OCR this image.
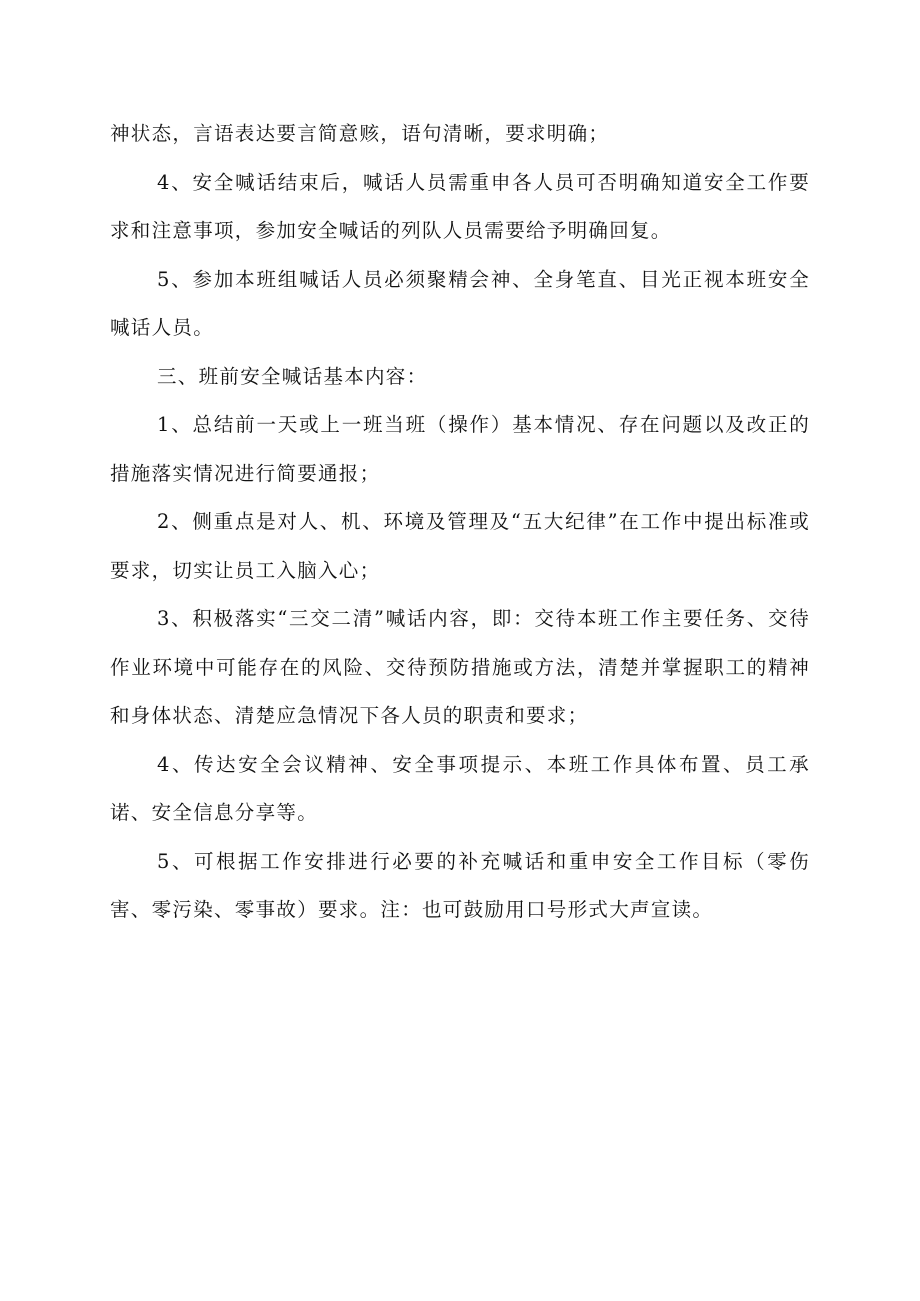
神状态，言语表达要言简意赅，语句清晰，要求明确；

4、安全喊话结束后，喊话人员需重申各人员可否明确知道安全工作要求和注意事项，参加安全喊话的列队人员需要给予明确回复。

5、参加本班组喊话人员必须聚精会神、全身笔直、目光正视本班安全喊话人员。

三、班前安全喊话基本内容：

1、总结前一天或上一班当班（操作）基本情况、存在问题以及改正的措施落实情况进行简要通报；

2、侧重点是对人、机、环境及管理及“五大纪律”在工作中提出标准或要求，切实让员工入脑入心；

3、积极落实“三交二清”喊话内容，即：交待本班工作主要任务、交待作业环境中可能存在的风险、交待预防措施或方法，清楚并掌握职工的精神和身体状态、清楚应急情况下各人员的职责和要求；

4、传达安全会议精神、安全事项提示、本班工作具体布置、员工承诺、安全信息分享等。

5、可根据工作安排进行必要的补充喊话和重申安全工作目标（零伤害、零污染、零事故）要求。注：也可鼓励用口号形式大声宣读。
